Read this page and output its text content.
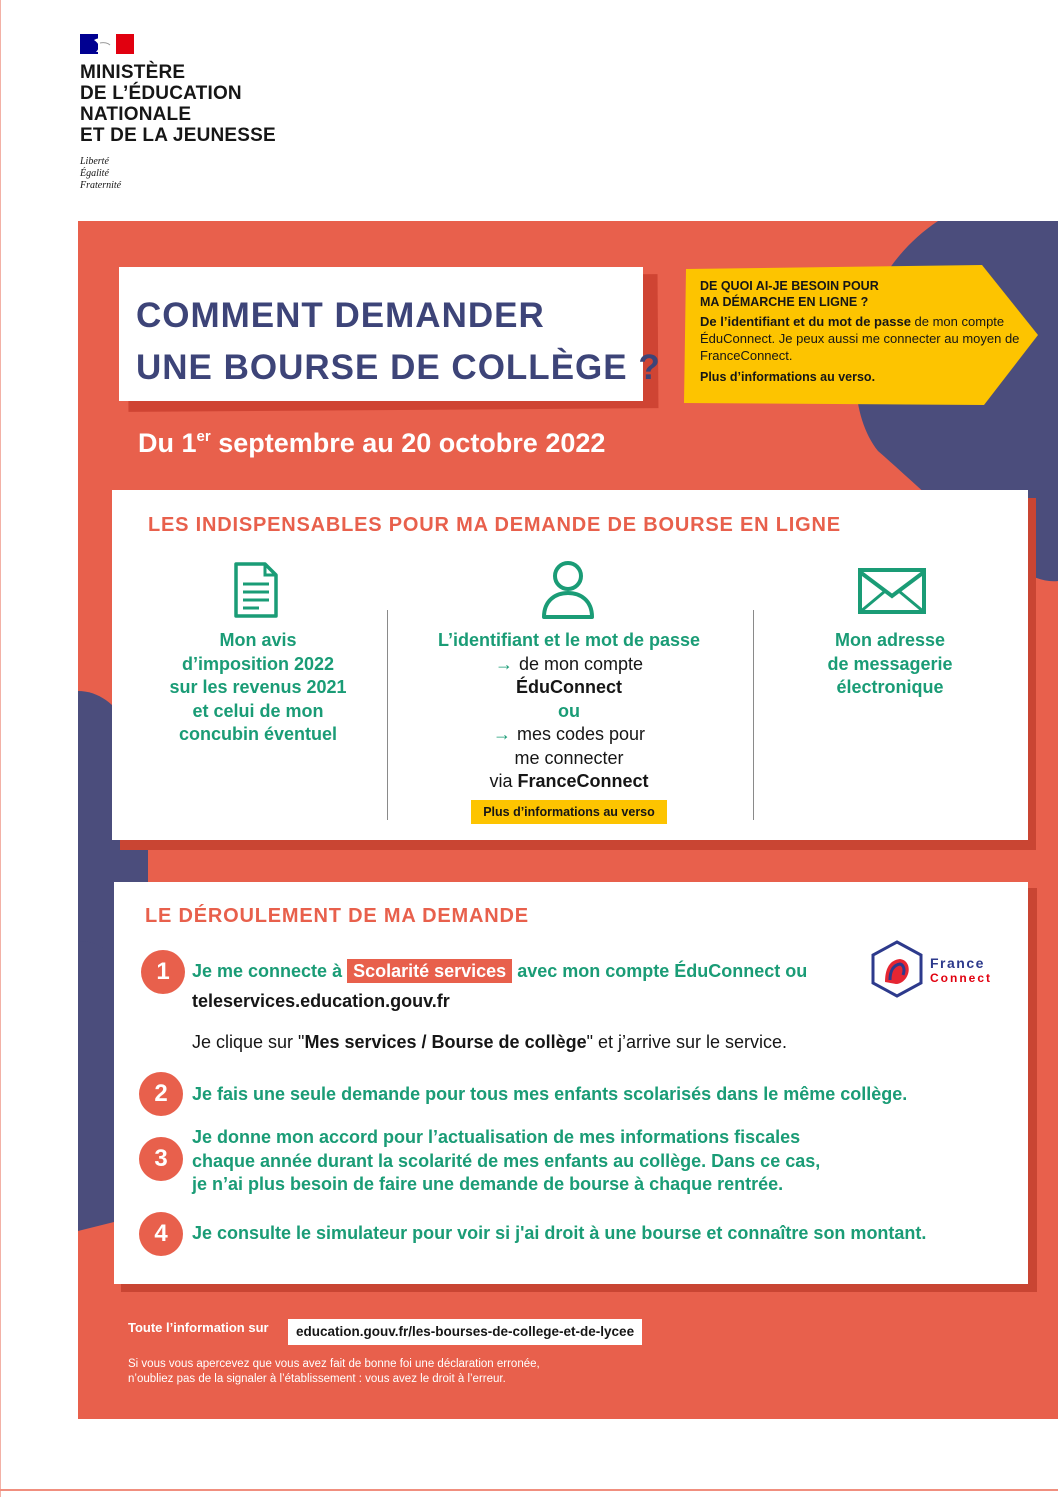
MINISTÈRE
DE L’ÉDUCATION
NATIONALE
ET DE LA JEUNESSE
Liberté
Égalité
Fraternité
COMMENT DEMANDER
UNE BOURSE DE COLLÈGE ?
DE QUOI AI-JE BESOIN POUR
MA DÉMARCHE EN LIGNE ?
De l’identifiant et du mot de passe de mon compte ÉduConnect. Je peux aussi me connecter au moyen de FranceConnect.
Plus d’informations au verso.
Du 1er septembre au 20 octobre 2022
LES INDISPENSABLES POUR MA DEMANDE DE BOURSE EN LIGNE
Mon avis
d’imposition 2022
sur les revenus 2021
et celui de mon
concubin éventuel
L’identifiant et le mot de passe
→ de mon compte
ÉduConnect
ou
→ mes codes pour
me connecter
via FranceConnect
Plus d’informations au verso
Mon adresse
de messagerie
électronique
LE DÉROULEMENT DE MA DEMANDE
1	Je me connecte à Scolarité services avec mon compte ÉduConnect ou
teleservices.education.gouv.fr
Je clique sur "Mes services / Bourse de collège" et j’arrive sur le service.
France
Connect
2	Je fais une seule demande pour tous mes enfants scolarisés dans le même collège.
3
Je donne mon accord pour l’actualisation de mes informations fiscales
chaque année durant la scolarité de mes enfants au collège. Dans ce cas,
je n’ai plus besoin de faire une demande de bourse à chaque rentrée.
4	Je consulte le simulateur pour voir si j'ai droit à une bourse et connaître son montant.
Toute l’information sur	education.gouv.fr/les-bourses-de-college-et-de-lycee
Si vous vous apercevez que vous avez fait de bonne foi une déclaration erronée,
n’oubliez pas de la signaler à l’établissement : vous avez le droit à l’erreur.
